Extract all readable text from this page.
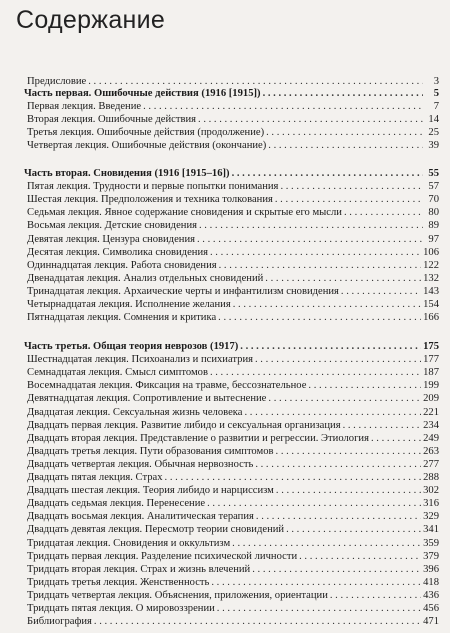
Содержание
Предисловие . . .	3
Часть первая. Ошибочные действия (1916 [1915]) . . .	5
Первая лекция. Введение . . .	7
Вторая лекция. Ошибочные действия . . .	14
Третья лекция. Ошибочные действия (продолжение) . . .	25
Четвертая лекция. Ошибочные действия (окончание) . . .	39
Часть вторая. Сновидения (1916 [1915–16]) . . .	55
Пятая лекция. Трудности и первые попытки понимания . . .	57
Шестая лекция. Предположения и техника толкования . . .	70
Седьмая лекция. Явное содержание сновидения и скрытые его мысли . . .	80
Восьмая лекция. Детские сновидения . . .	89
Девятая лекция. Цензура сновидения . . .	97
Десятая лекция. Символика сновидения . . .	106
Одиннадцатая лекция. Работа сновидения . . .	122
Двенадцатая лекция. Анализ отдельных сновидений . . .	132
Тринадцатая лекция. Архаические черты и инфантилизм сновидения . . .	143
Четырнадцатая лекция. Исполнение желания . . .	154
Пятнадцатая лекция. Сомнения и критика . . .	166
Часть третья. Общая теория неврозов (1917) . . .	175
Шестнадцатая лекция. Психоанализ и психиатрия . . .	177
Семнадцатая лекция. Смысл симптомов . . .	187
Восемнадцатая лекция. Фиксация на травме, бессознательное . . .	199
Девятнадцатая лекция. Сопротивление и вытеснение . . .	209
Двадцатая лекция. Сексуальная жизнь человека . . .	221
Двадцать первая лекция. Развитие либидо и сексуальная организация . . .	234
Двадцать вторая лекция. Представление о развитии и регрессии. Этиология . . .	249
Двадцать третья лекция. Пути образования симптомов . . .	263
Двадцать четвертая лекция. Обычная нервозность . . .	277
Двадцать пятая лекция. Страх . . .	288
Двадцать шестая лекция. Теория либидо и нарциссизм . . .	302
Двадцать седьмая лекция. Перенесение . . .	316
Двадцать восьмая лекция. Аналитическая терапия . . .	329
Двадцать девятая лекция. Пересмотр теории сновидений . . .	341
Тридцатая лекция. Сновидения и оккультизм . . .	359
Тридцать первая лекция. Разделение психической личности . . .	379
Тридцать вторая лекция. Страх и жизнь влечений . . .	396
Тридцать третья лекция. Женственность . . .	418
Тридцать четвертая лекция. Объяснения, приложения, ориентации . . .	436
Тридцать пятая лекция. О мировоззрении . . .	456
Библиография . . .	471
